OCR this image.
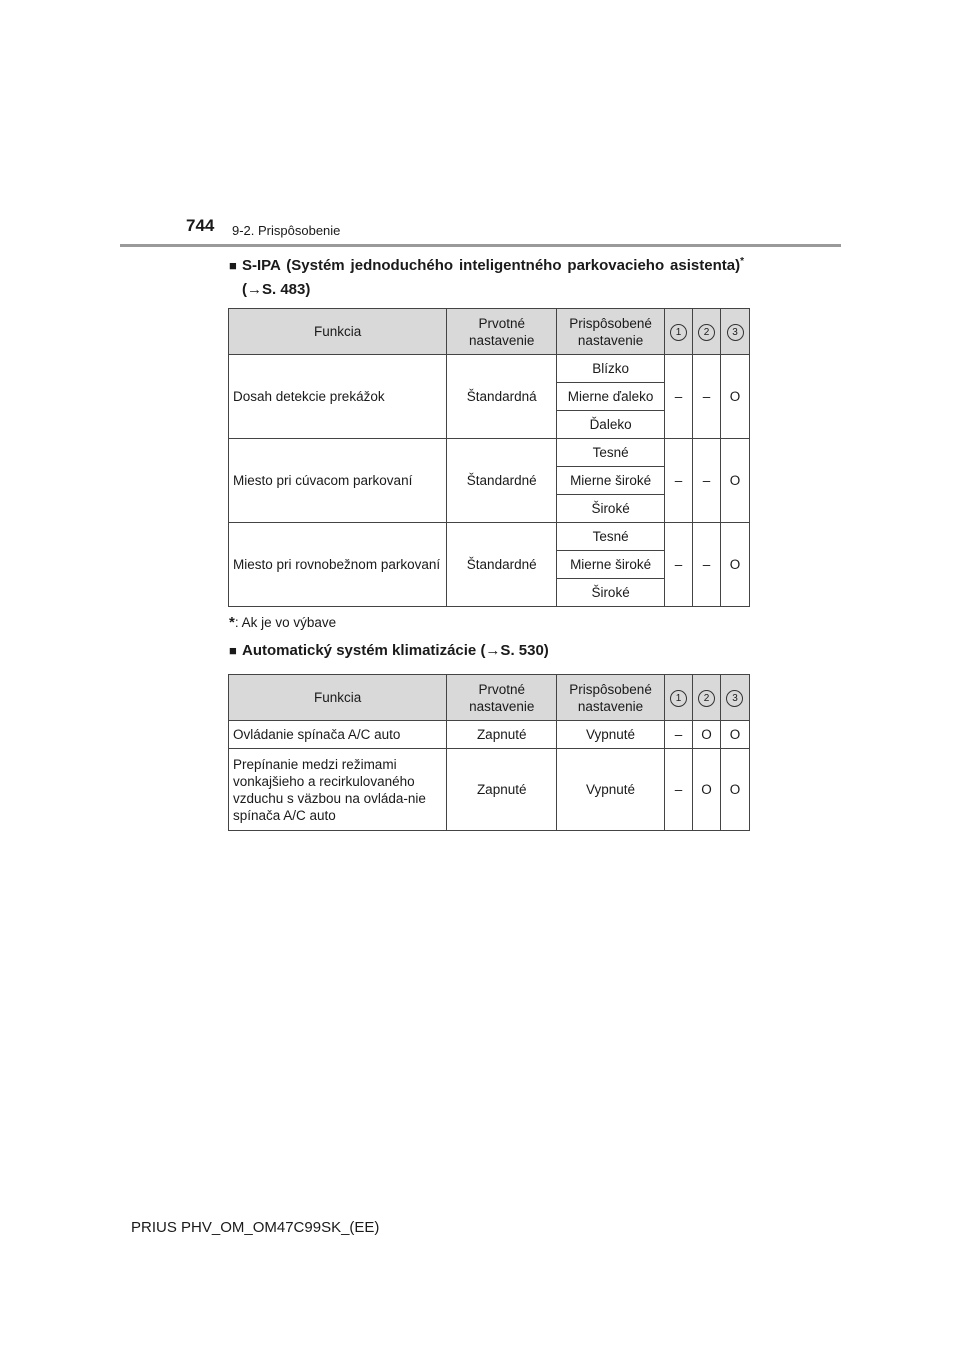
744 9-2. Prispôsobenie
■ S-IPA (Systém jednoduchého inteligentného parkovacieho asistenta)* (→S. 483)
Funkcia	Prvotné nastavenie	Prispôsobené nastavenie	1	2	3
Dosah detekcie prekážok	Štandardná	Blízko	–	–	O
		Mierne ďaleko			
		Ďaleko			
Miesto pri cúvacom parkovaní	Štandardné	Tesné	–	–	O
		Mierne široké			
		Široké			
Miesto pri rovnobežnom parkovaní	Štandardné	Tesné	–	–	O
		Mierne široké			
		Široké			
*: Ak je vo výbave
■ Automatický systém klimatizácie (→S. 530)
Funkcia	Prvotné nastavenie	Prispôsobené nastavenie	1	2	3
Ovládanie spínača A/C auto	Zapnuté	Vypnuté	–	O	O
Prepínanie medzi režimami vonkajšieho a recirkulovaného vzduchu s väzbou na ovláda-nie spínača A/C auto	Zapnuté	Vypnuté	–	O	O
PRIUS PHV_OM_OM47C99SK_(EE)
